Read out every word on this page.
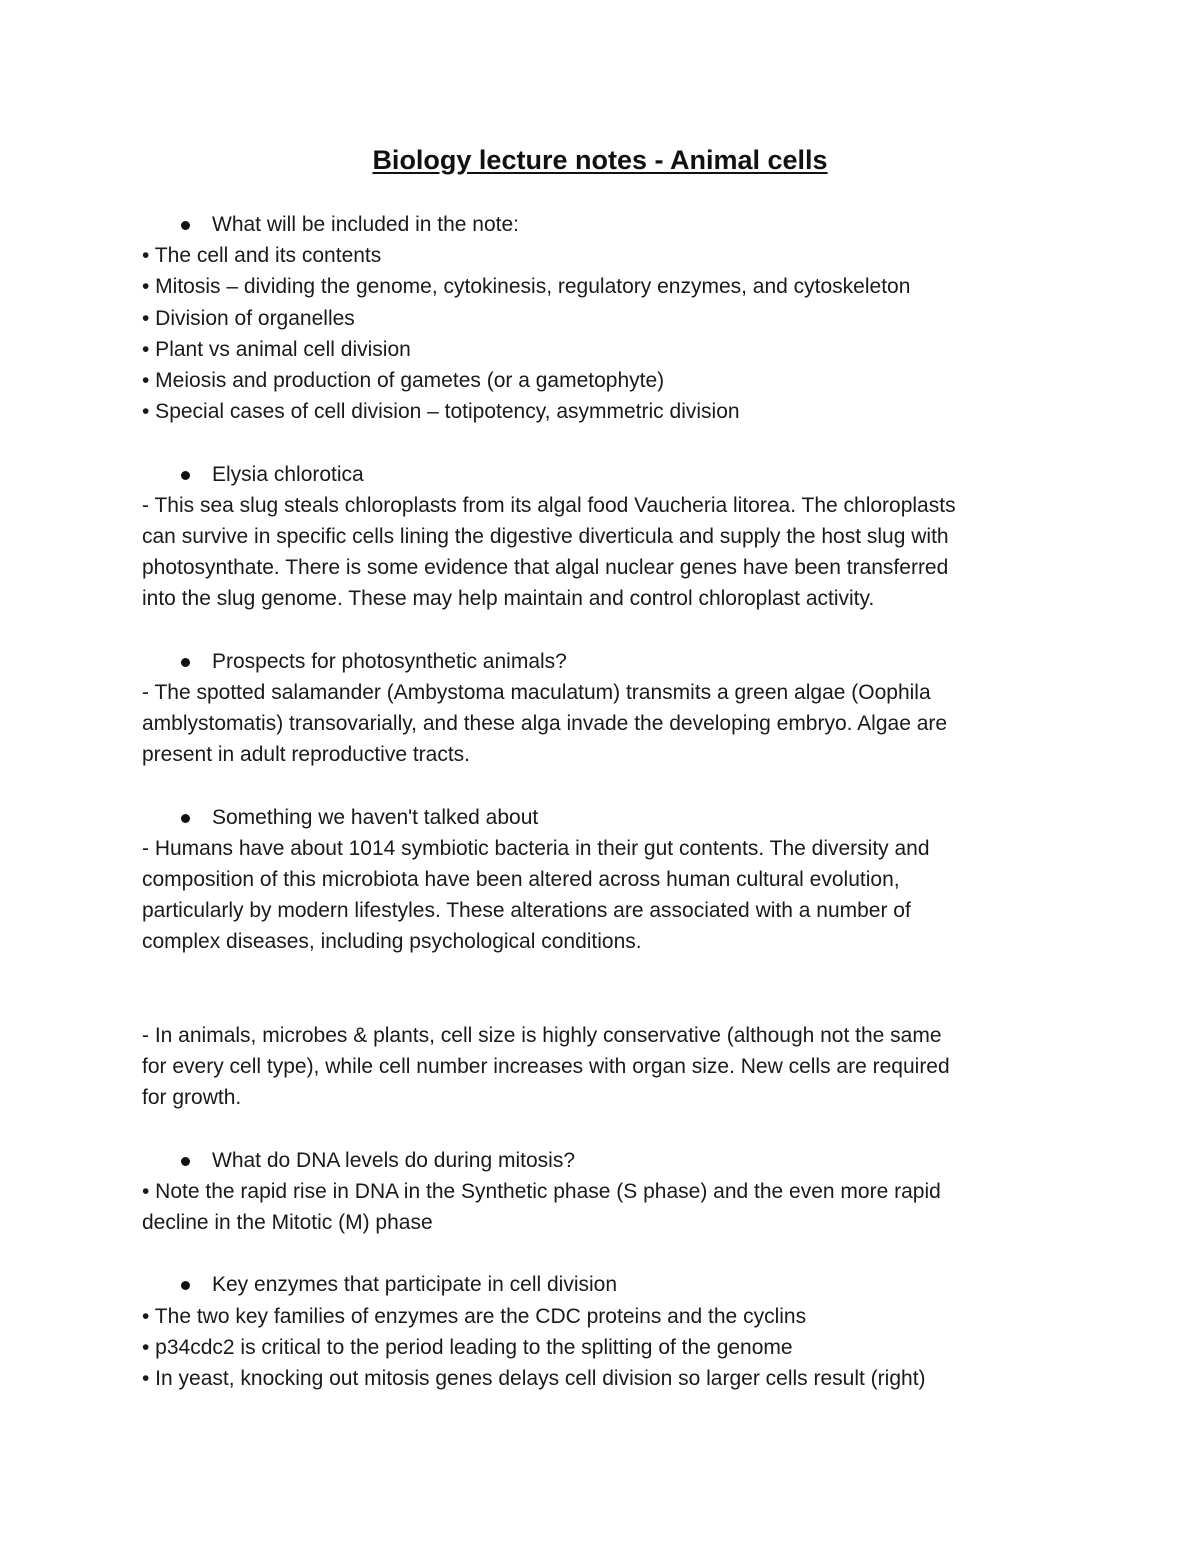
Biology lecture notes - Animal cells
What will be included in the note:
• The cell and its contents
• Mitosis – dividing the genome, cytokinesis, regulatory enzymes, and cytoskeleton
• Division of organelles
• Plant vs animal cell division
• Meiosis and production of gametes (or a gametophyte)
• Special cases of cell division – totipotency, asymmetric division
Elysia chlorotica
- This sea slug steals chloroplasts from its algal food Vaucheria litorea. The chloroplasts
can survive in specific cells lining the digestive diverticula and supply the host slug with
photosynthate. There is some evidence that algal nuclear genes have been transferred
into the slug genome. These may help maintain and control chloroplast activity.
Prospects for photosynthetic animals?
- The spotted salamander (Ambystoma maculatum) transmits a green algae (Oophila
amblystomatis) transovarially, and these alga invade the developing embryo. Algae are
present in adult reproductive tracts.
Something we haven't talked about
- Humans have about 1014 symbiotic bacteria in their gut contents. The diversity and
composition of this microbiota have been altered across human cultural evolution,
particularly by modern lifestyles. These alterations are associated with a number of
complex diseases, including psychological conditions.
- In animals, microbes & plants, cell size is highly conservative (although not the same
for every cell type), while cell number increases with organ size. New cells are required
for growth.
What do DNA levels do during mitosis?
• Note the rapid rise in DNA in the Synthetic phase (S phase) and the even more rapid
decline in the Mitotic (M) phase
Key enzymes that participate in cell division
• The two key families of enzymes are the CDC proteins and the cyclins
• p34cdc2 is critical to the period leading to the splitting of the genome
• In yeast, knocking out mitosis genes delays cell division so larger cells result (right)
